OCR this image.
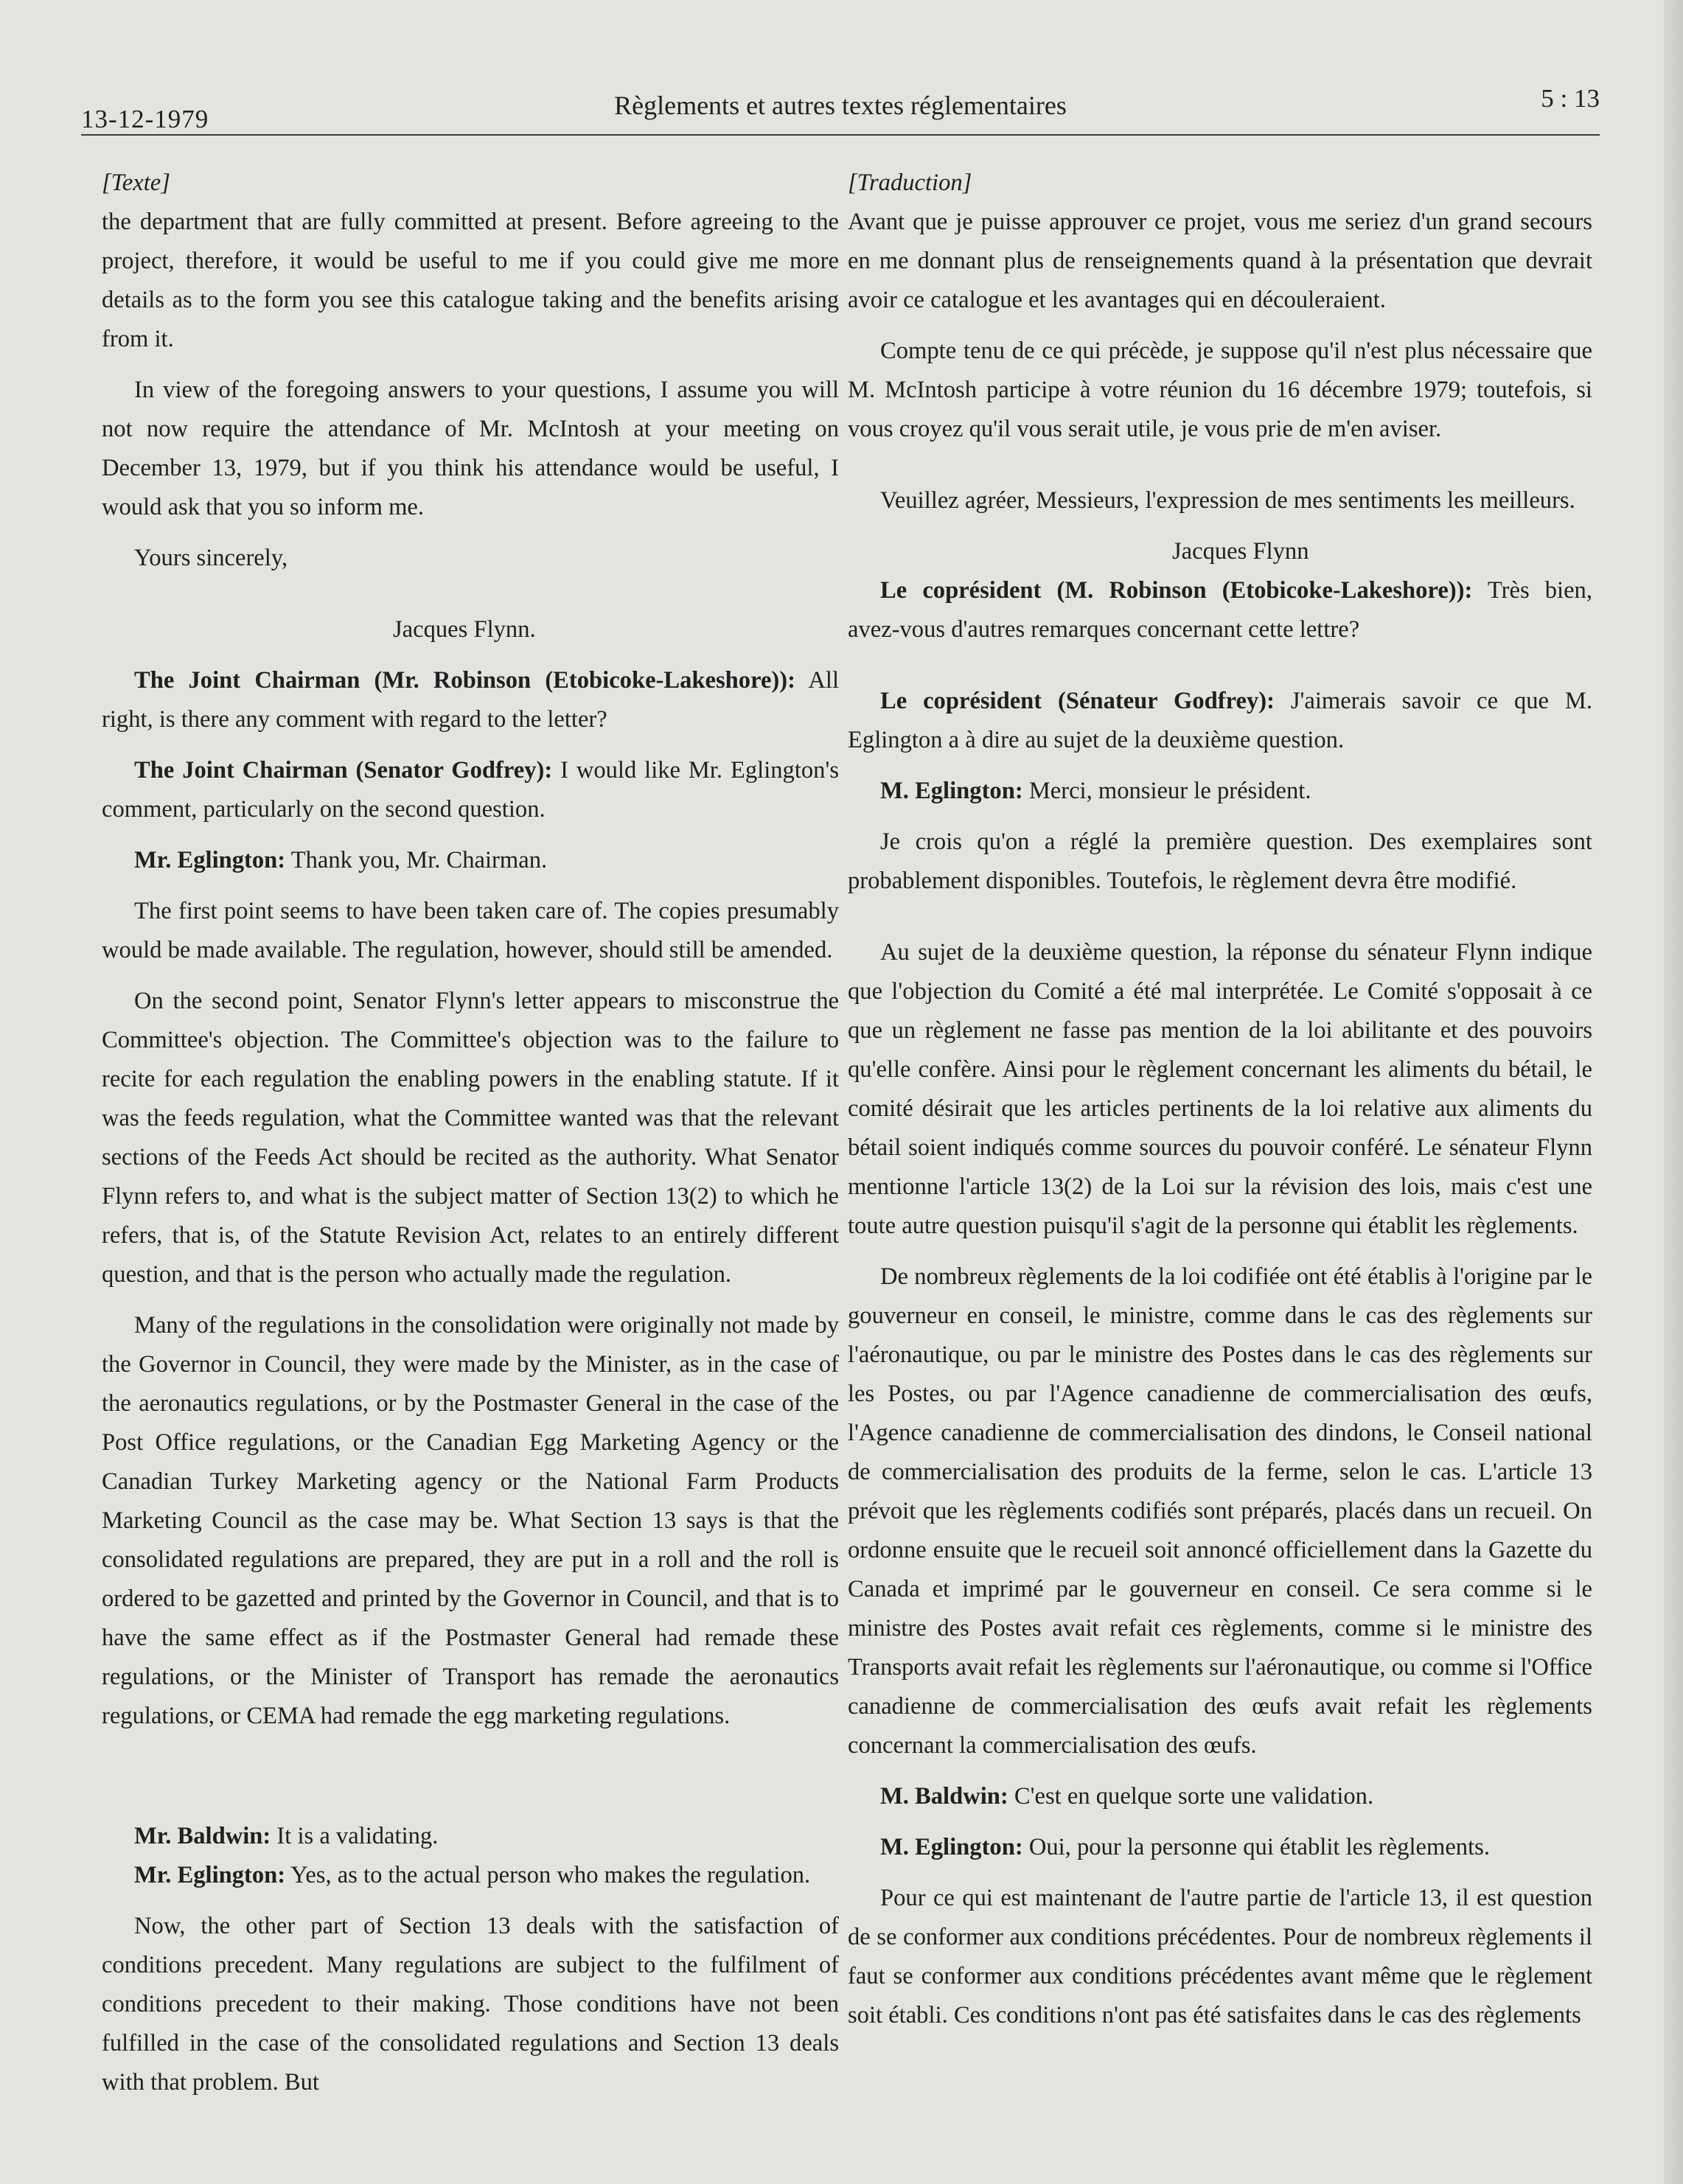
13-12-1979	Règlements et autres textes réglementaires	5 : 13

[Texte]

the department that are fully committed at present. Before agreeing to the project, therefore, it would be useful to me if you could give me more details as to the form you see this catalogue taking and the benefits arising from it.

In view of the foregoing answers to your questions, I assume you will not now require the attendance of Mr. McIntosh at your meeting on December 13, 1979, but if you think his attendance would be useful, I would ask that you so inform me.

Yours sincerely,

Jacques Flynn.

The Joint Chairman (Mr. Robinson (Etobicoke-Lakeshore)): All right, is there any comment with regard to the letter?

The Joint Chairman (Senator Godfrey): I would like Mr. Eglington's comment, particularly on the second question.

Mr. Eglington: Thank you, Mr. Chairman.

The first point seems to have been taken care of. The copies presumably would be made available. The regulation, however, should still be amended.

On the second point, Senator Flynn's letter appears to misconstrue the Committee's objection. The Committee's objection was to the failure to recite for each regulation the enabling powers in the enabling statute. If it was the feeds regulation, what the Committee wanted was that the relevant sections of the Feeds Act should be recited as the authority. What Senator Flynn refers to, and what is the subject matter of Section 13(2) to which he refers, that is, of the Statute Revision Act, relates to an entirely different question, and that is the person who actually made the regulation.

Many of the regulations in the consolidation were originally not made by the Governor in Council, they were made by the Minister, as in the case of the aeronautics regulations, or by the Postmaster General in the case of the Post Office regulations, or the Canadian Egg Marketing Agency or the Canadian Turkey Marketing agency or the National Farm Products Marketing Council as the case may be. What Section 13 says is that the consolidated regulations are prepared, they are put in a roll and the roll is ordered to be gazetted and printed by the Governor in Council, and that is to have the same effect as if the Postmaster General had remade these regulations, or the Minister of Transport has remade the aeronautics regulations, or CEMA had remade the egg marketing regulations.

Mr. Baldwin: It is a validating.

Mr. Eglington: Yes, as to the actual person who makes the regulation.

Now, the other part of Section 13 deals with the satisfaction of conditions precedent. Many regulations are subject to the fulfilment of conditions precedent to their making. Those conditions have not been fulfilled in the case of the consolidated regulations and Section 13 deals with that problem. But

[Traduction]

Avant que je puisse approuver ce projet, vous me seriez d'un grand secours en me donnant plus de renseignements quand à la présentation que devrait avoir ce catalogue et les avantages qui en découleraient.

Compte tenu de ce qui précède, je suppose qu'il n'est plus nécessaire que M. McIntosh participe à votre réunion du 16 décembre 1979; toutefois, si vous croyez qu'il vous serait utile, je vous prie de m'en aviser.

Veuillez agréer, Messieurs, l'expression de mes sentiments les meilleurs.

Jacques Flynn

Le coprésident (M. Robinson (Etobicoke-Lakeshore)): Très bien, avez-vous d'autres remarques concernant cette lettre?

Le coprésident (Sénateur Godfrey): J'aimerais savoir ce que M. Eglington a à dire au sujet de la deuxième question.

M. Eglington: Merci, monsieur le président.

Je crois qu'on a réglé la première question. Des exemplaires sont probablement disponibles. Toutefois, le règlement devra être modifié.

Au sujet de la deuxième question, la réponse du sénateur Flynn indique que l'objection du Comité a été mal interprétée. Le Comité s'opposait à ce que un règlement ne fasse pas mention de la loi abilitante et des pouvoirs qu'elle confère. Ainsi pour le règlement concernant les aliments du bétail, le comité désirait que les articles pertinents de la loi relative aux aliments du bétail soient indiqués comme sources du pouvoir conféré. Le sénateur Flynn mentionne l'article 13(2) de la Loi sur la révision des lois, mais c'est une toute autre question puisqu'il s'agit de la personne qui établit les règlements.

De nombreux règlements de la loi codifiée ont été établis à l'origine par le gouverneur en conseil, le ministre, comme dans le cas des règlements sur l'aéronautique, ou par le ministre des Postes dans le cas des règlements sur les Postes, ou par l'Agence canadienne de commercialisation des œufs, l'Agence canadienne de commercialisation des dindons, le Conseil national de commercialisation des produits de la ferme, selon le cas. L'article 13 prévoit que les règlements codifiés sont préparés, placés dans un recueil. On ordonne ensuite que le recueil soit annoncé officiellement dans la Gazette du Canada et imprimé par le gouverneur en conseil. Ce sera comme si le ministre des Postes avait refait ces règlements, comme si le ministre des Transports avait refait les règlements sur l'aéronautique, ou comme si l'Office canadienne de commercialisation des œufs avait refait les règlements concernant la commercialisation des œufs.

M. Baldwin: C'est en quelque sorte une validation.

M. Eglington: Oui, pour la personne qui établit les règlements.

Pour ce qui est maintenant de l'autre partie de l'article 13, il est question de se conformer aux conditions précédentes. Pour de nombreux règlements il faut se conformer aux conditions précédentes avant même que le règlement soit établi. Ces conditions n'ont pas été satisfaites dans le cas des règlements
